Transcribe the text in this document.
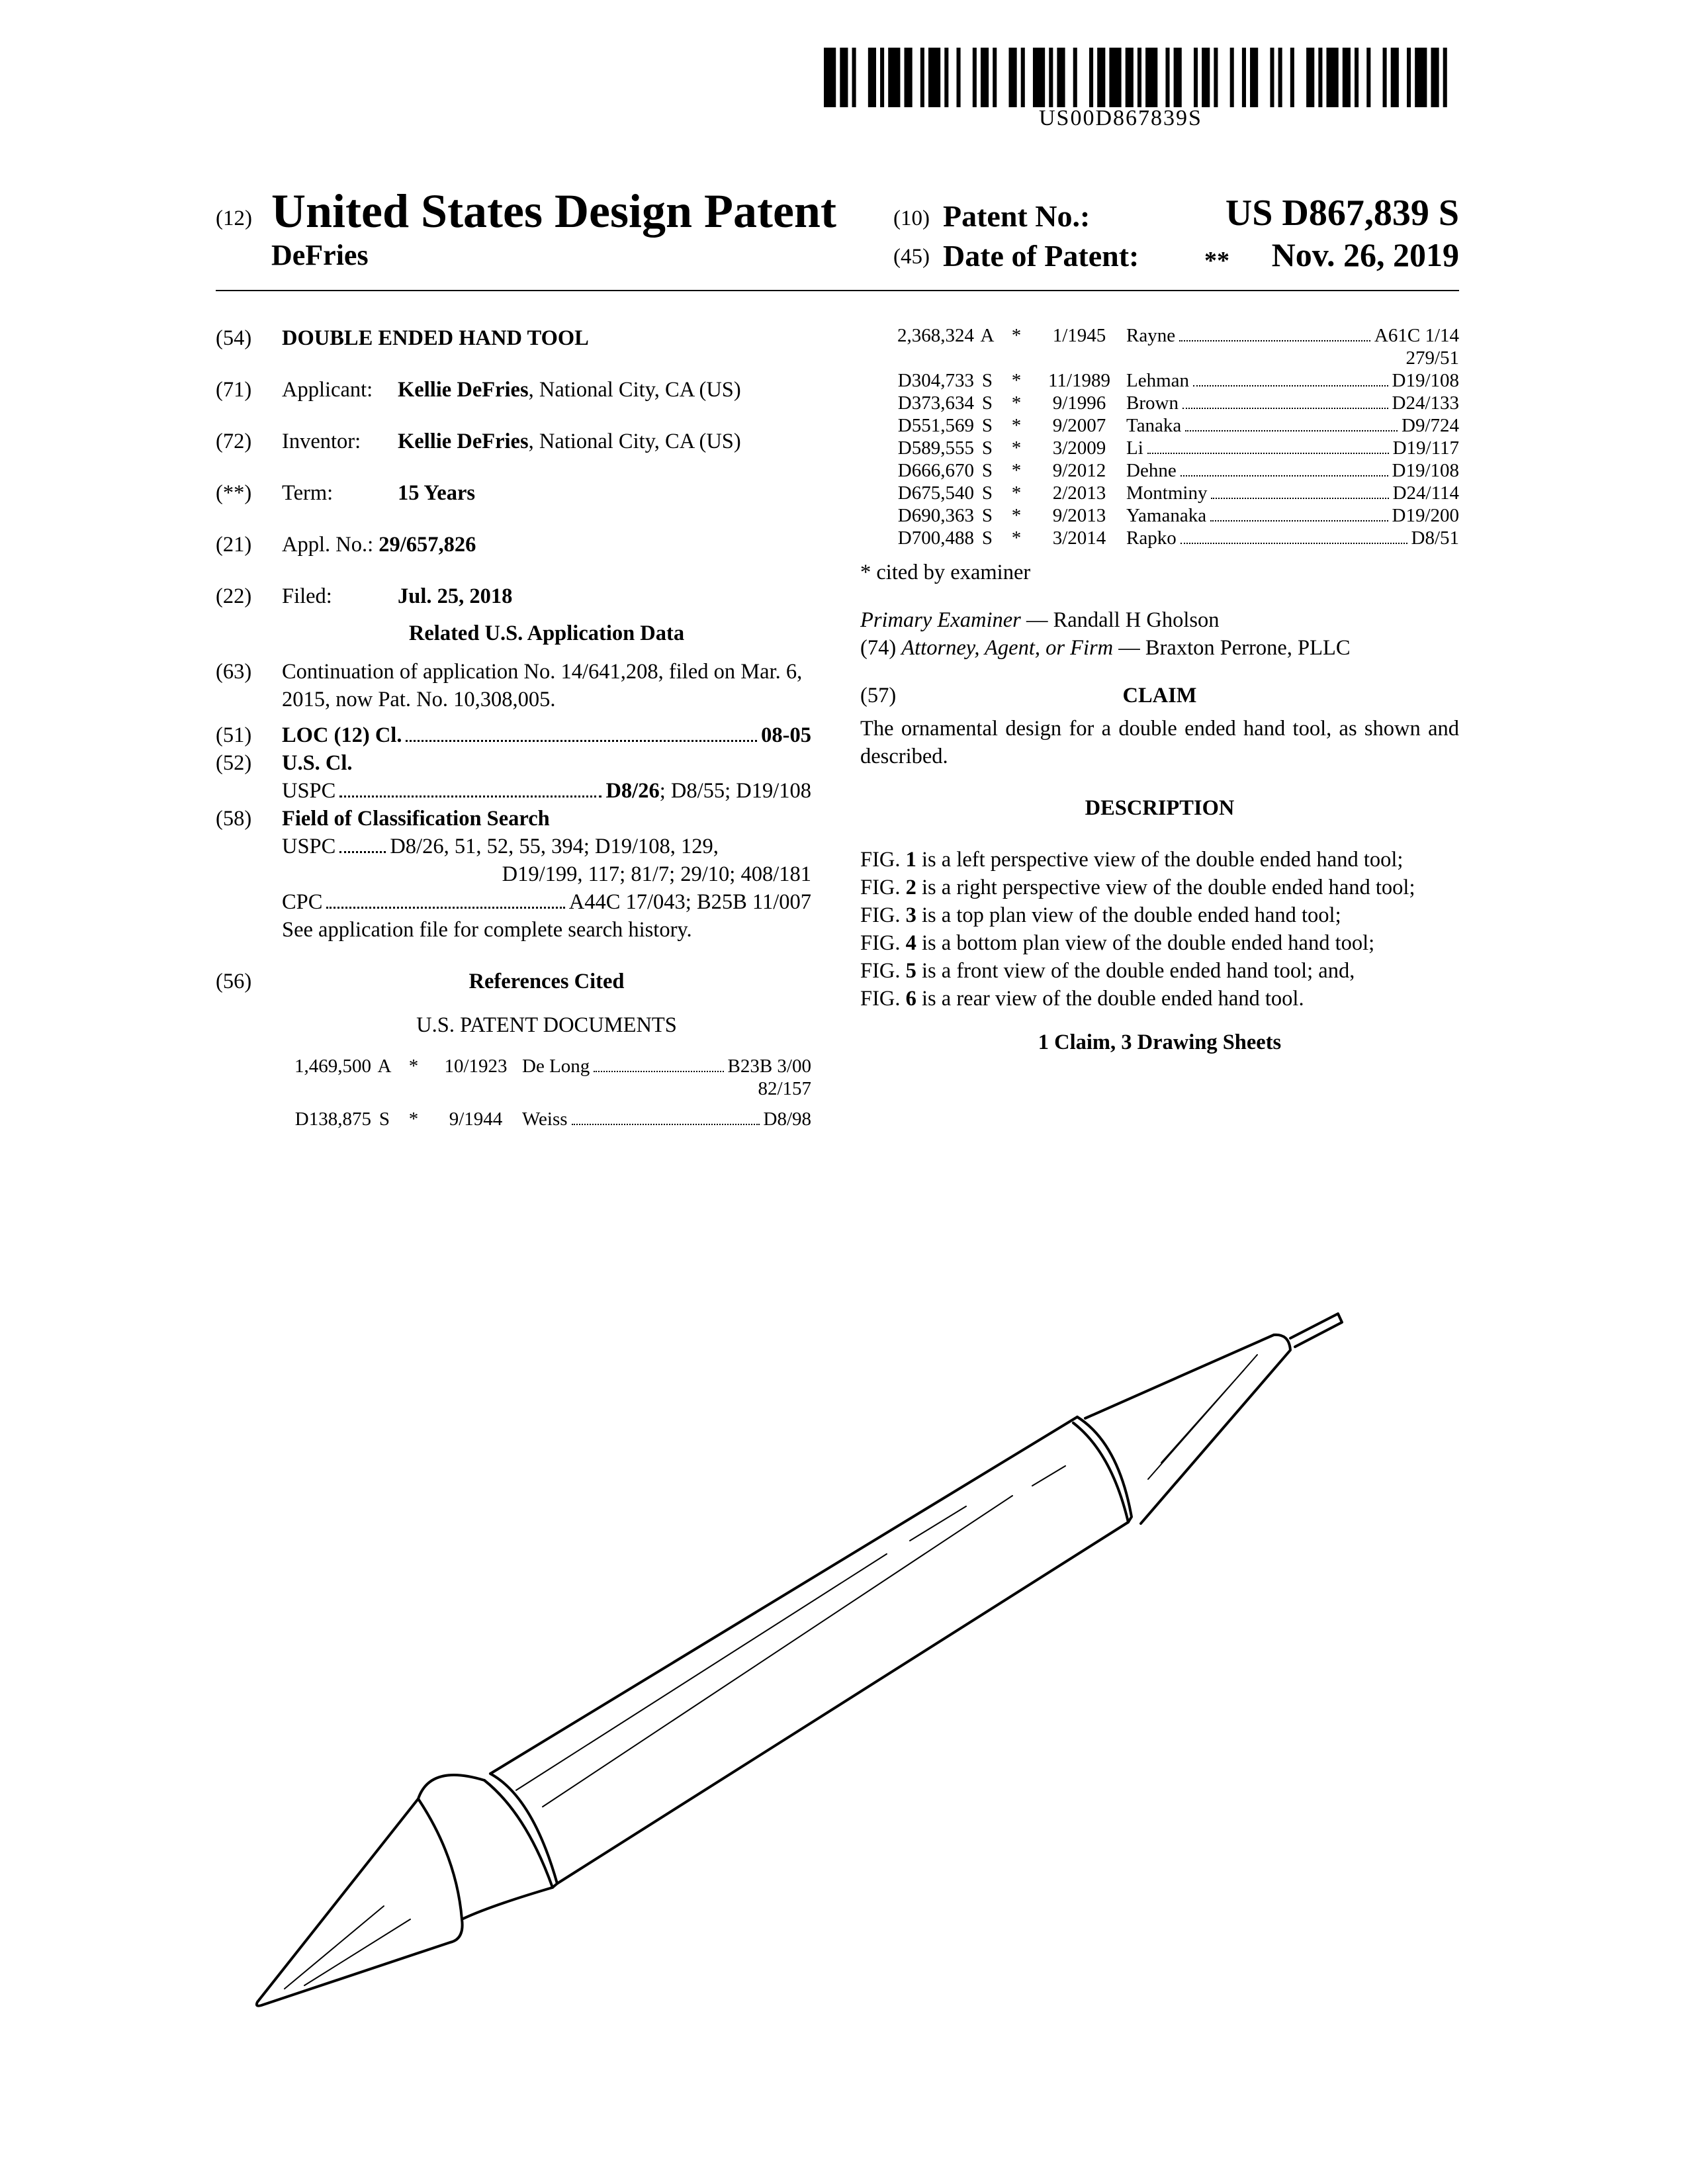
US00D867839S
(12) United States Design Patent
DeFries
(10) Patent No.:	US D867,839 S
(45) Date of Patent:	** Nov. 26, 2019
(54) DOUBLE ENDED HAND TOOL
(71) Applicant: Kellie DeFries, National City, CA (US)
(72) Inventor: Kellie DeFries, National City, CA (US)
(**) Term:	15 Years
(21) Appl. No.: 29/657,826
(22) Filed:	Jul. 25, 2018
Related U.S. Application Data
(63) Continuation of application No. 14/641,208, filed on Mar. 6, 2015, now Pat. No. 10,308,005.
(51) LOC (12) Cl.	08-05
(52) U.S. Cl.
USPC	D8/26; D8/55; D19/108
(58) Field of Classification Search
USPC	D8/26, 51, 52, 55, 394; D19/108, 129,
D19/199, 117; 81/7; 29/10; 408/181
CPC	A44C 17/043; B25B 11/007
See application file for complete search history.
(56)	References Cited
U.S. PATENT DOCUMENTS
1,469,500 A *	10/1923 De Long	B23B 3/00
82/157
D138,875 S *	9/1944	Weiss	D8/98
2,368,324 A *	1/1945	Rayne	A61C 1/14
279/51
D304,733 S *	11/1989 Lehman	D19/108
D373,634 S *	9/1996	Brown	D24/133
D551,569 S *	9/2007	Tanaka	D9/724
D589,555 S *	3/2009	Li	D19/117
D666,670 S *	9/2012	Dehne	D19/108
D675,540 S *	2/2013	Montminy	D24/114
D690,363 S *	9/2013	Yamanaka	D19/200
D700,488 S *	3/2014	Rapko	D8/51
* cited by examiner
Primary Examiner — Randall H Gholson
(74) Attorney, Agent, or Firm — Braxton Perrone, PLLC
(57)	CLAIM
The ornamental design for a double ended hand tool, as shown and described.
DESCRIPTION
FIG. 1 is a left perspective view of the double ended hand tool;
FIG. 2 is a right perspective view of the double ended hand tool;
FIG. 3 is a top plan view of the double ended hand tool;
FIG. 4 is a bottom plan view of the double ended hand tool;
FIG. 5 is a front view of the double ended hand tool; and,
FIG. 6 is a rear view of the double ended hand tool.
1 Claim, 3 Drawing Sheets
